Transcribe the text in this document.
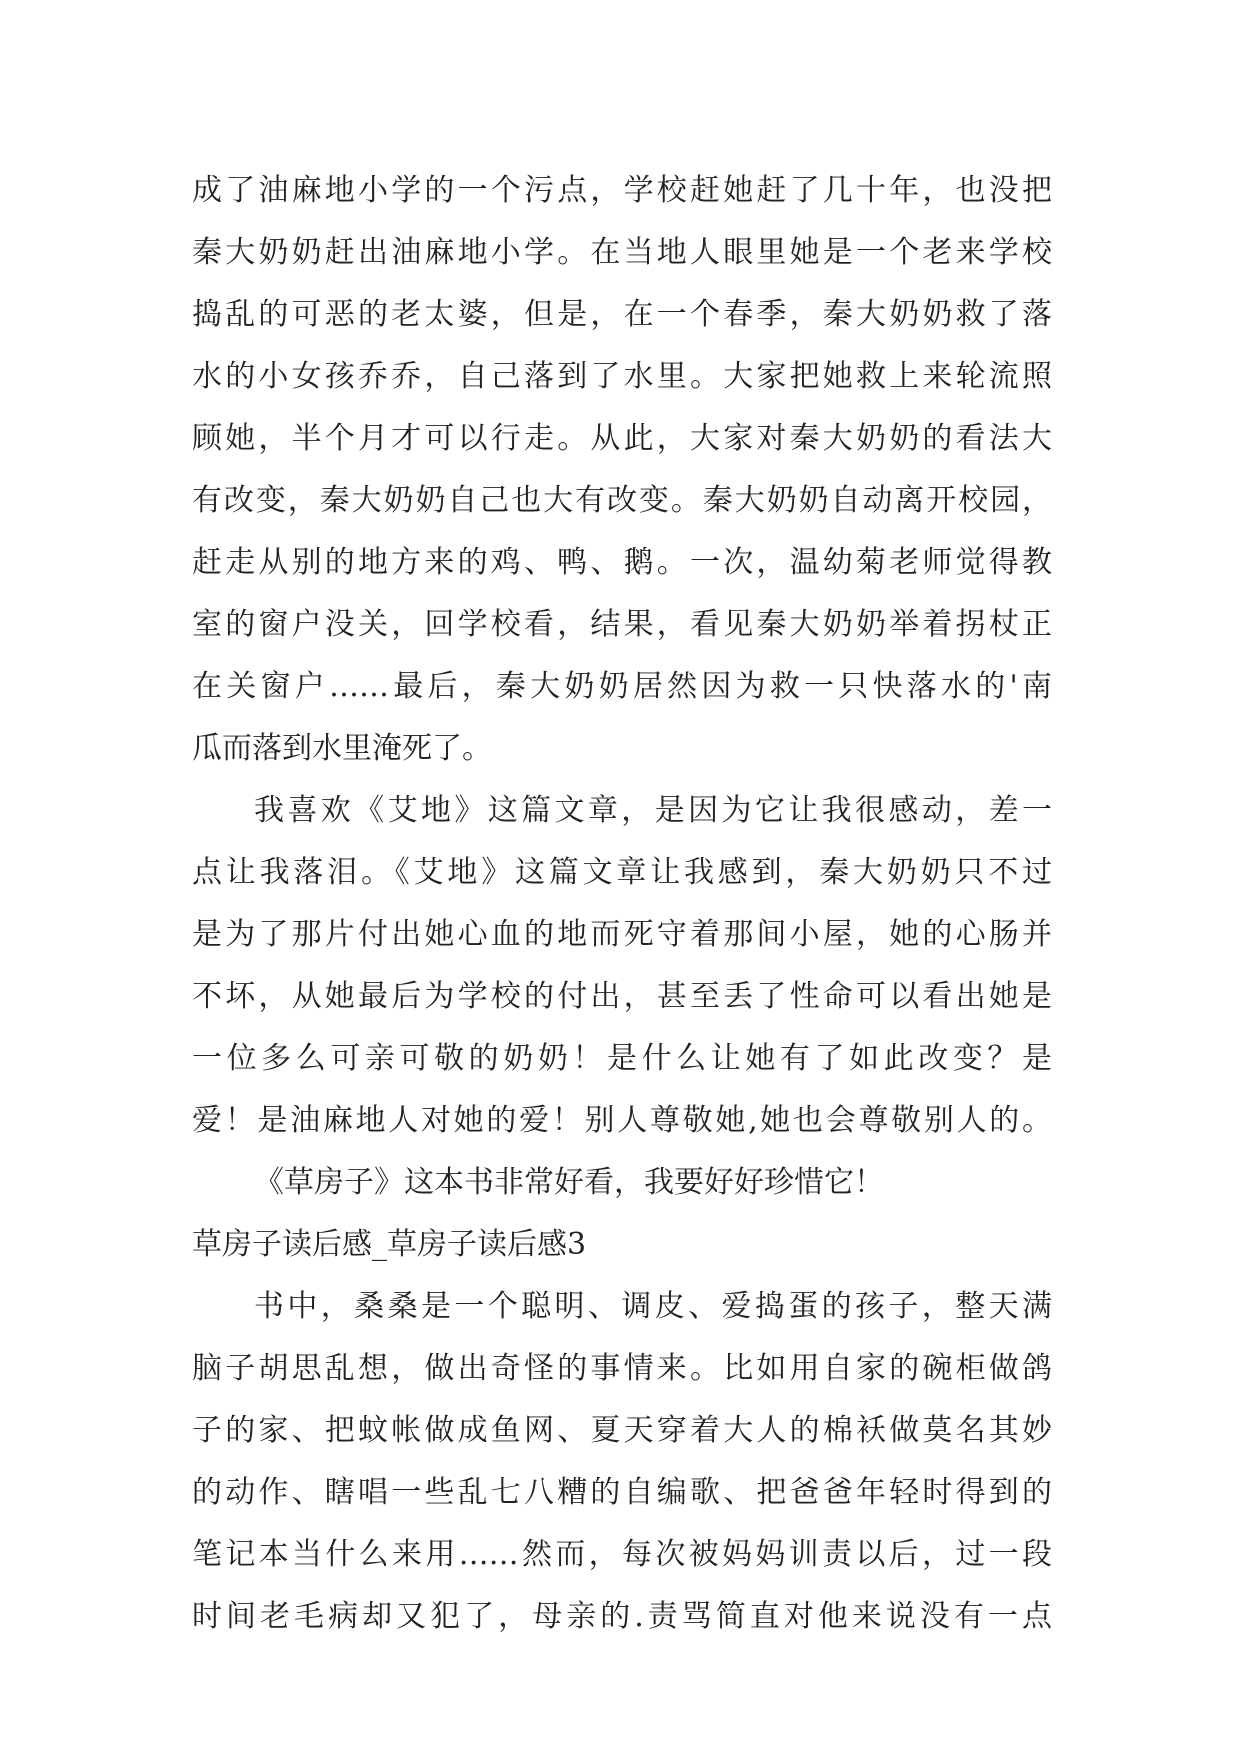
成了油麻地小学的一个污点，学校赶她赶了几十年，也没把
秦大奶奶赶出油麻地小学。在当地人眼里她是一个老来学校
捣乱的可恶的老太婆，但是，在一个春季，秦大奶奶救了落
水的小女孩乔乔，自己落到了水里。大家把她救上来轮流照
顾她，半个月才可以行走。从此，大家对秦大奶奶的看法大
有改变，秦大奶奶自己也大有改变。秦大奶奶自动离开校园，
赶走从别的地方来的鸡、鸭、鹅。一次，温幼菊老师觉得教
室的窗户没关，回学校看，结果，看见秦大奶奶举着拐杖正
在关窗户……最后，秦大奶奶居然因为救一只快落水的'南
瓜而落到水里淹死了。
我喜欢《艾地》这篇文章，是因为它让我很感动，差一
点让我落泪。《艾地》这篇文章让我感到，秦大奶奶只不过
是为了那片付出她心血的地而死守着那间小屋，她的心肠并
不坏，从她最后为学校的付出，甚至丢了性命可以看出她是
一位多么可亲可敬的奶奶！是什么让她有了如此改变？是
爱！是油麻地人对她的爱！别人尊敬她,她也会尊敬别人的。
《草房子》这本书非常好看，我要好好珍惜它！
草房子读后感_草房子读后感3
书中，桑桑是一个聪明、调皮、爱捣蛋的孩子，整天满
脑子胡思乱想，做出奇怪的事情来。比如用自家的碗柜做鸽
子的家、把蚊帐做成鱼网、夏天穿着大人的棉袄做莫名其妙
的动作、瞎唱一些乱七八糟的自编歌、把爸爸年轻时得到的
笔记本当什么来用……然而，每次被妈妈训责以后，过一段
时间老毛病却又犯了，母亲的.责骂简直对他来说没有一点
